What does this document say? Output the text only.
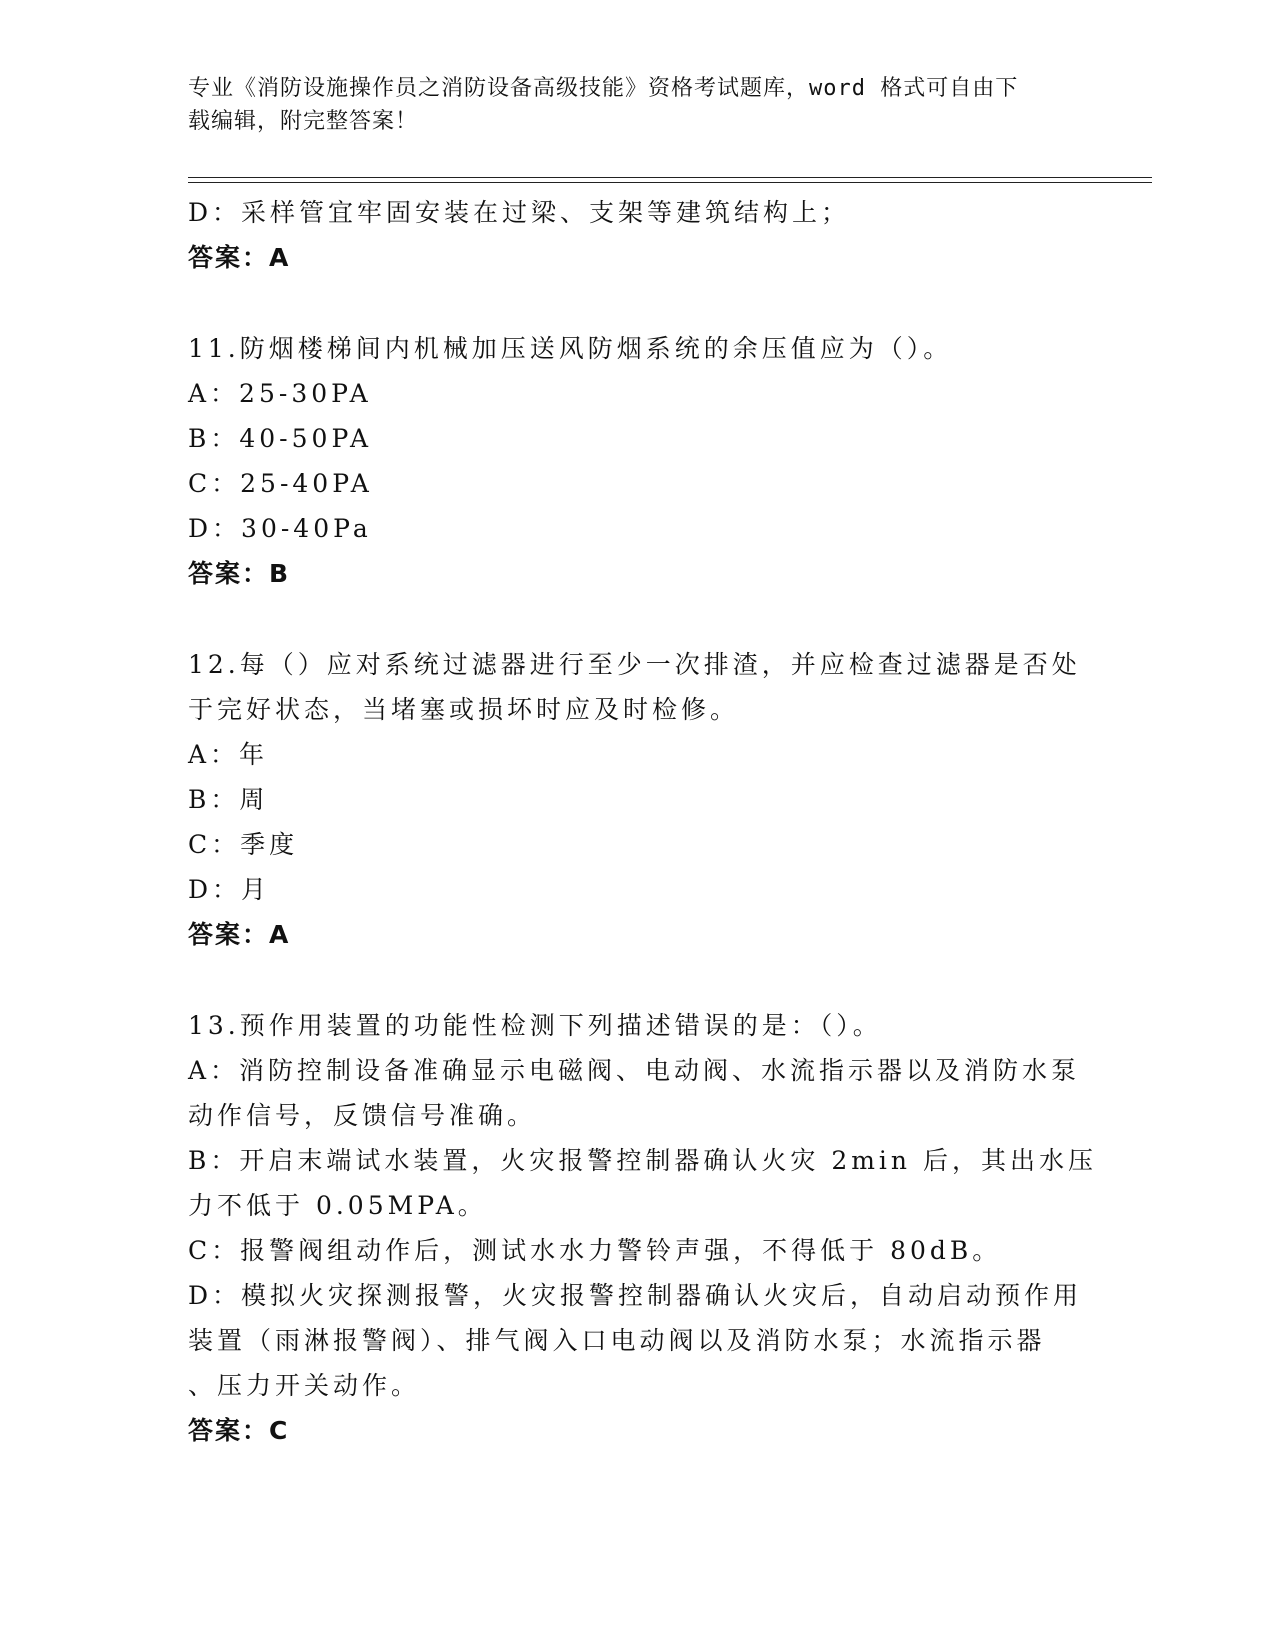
专业《消防设施操作员之消防设备高级技能》资格考试题库，word 格式可自由下
载编辑，附完整答案！

D：采样管宜牢固安装在过梁、支架等建筑结构上；

答案：A

11.防烟楼梯间内机械加压送风防烟系统的余压值应为（）。

A：25-30PA

B：40-50PA

C：25-40PA

D：30-40Pa

答案：B

12.每（）应对系统过滤器进行至少一次排渣，并应检查过滤器是否处

于完好状态，当堵塞或损坏时应及时检修。

A：年

B：周

C：季度

D：月

答案：A

13.预作用装置的功能性检测下列描述错误的是：（）。

A：消防控制设备准确显示电磁阀、电动阀、水流指示器以及消防水泵

动作信号，反馈信号准确。

B：开启末端试水装置，火灾报警控制器确认火灾 2min 后，其出水压

力不低于 0.05MPA。

C：报警阀组动作后，测试水水力警铃声强，不得低于 80dB。

D：模拟火灾探测报警，火灾报警控制器确认火灾后，自动启动预作用

装置（雨淋报警阀）、排气阀入口电动阀以及消防水泵；水流指示器

、压力开关动作。

答案：C
